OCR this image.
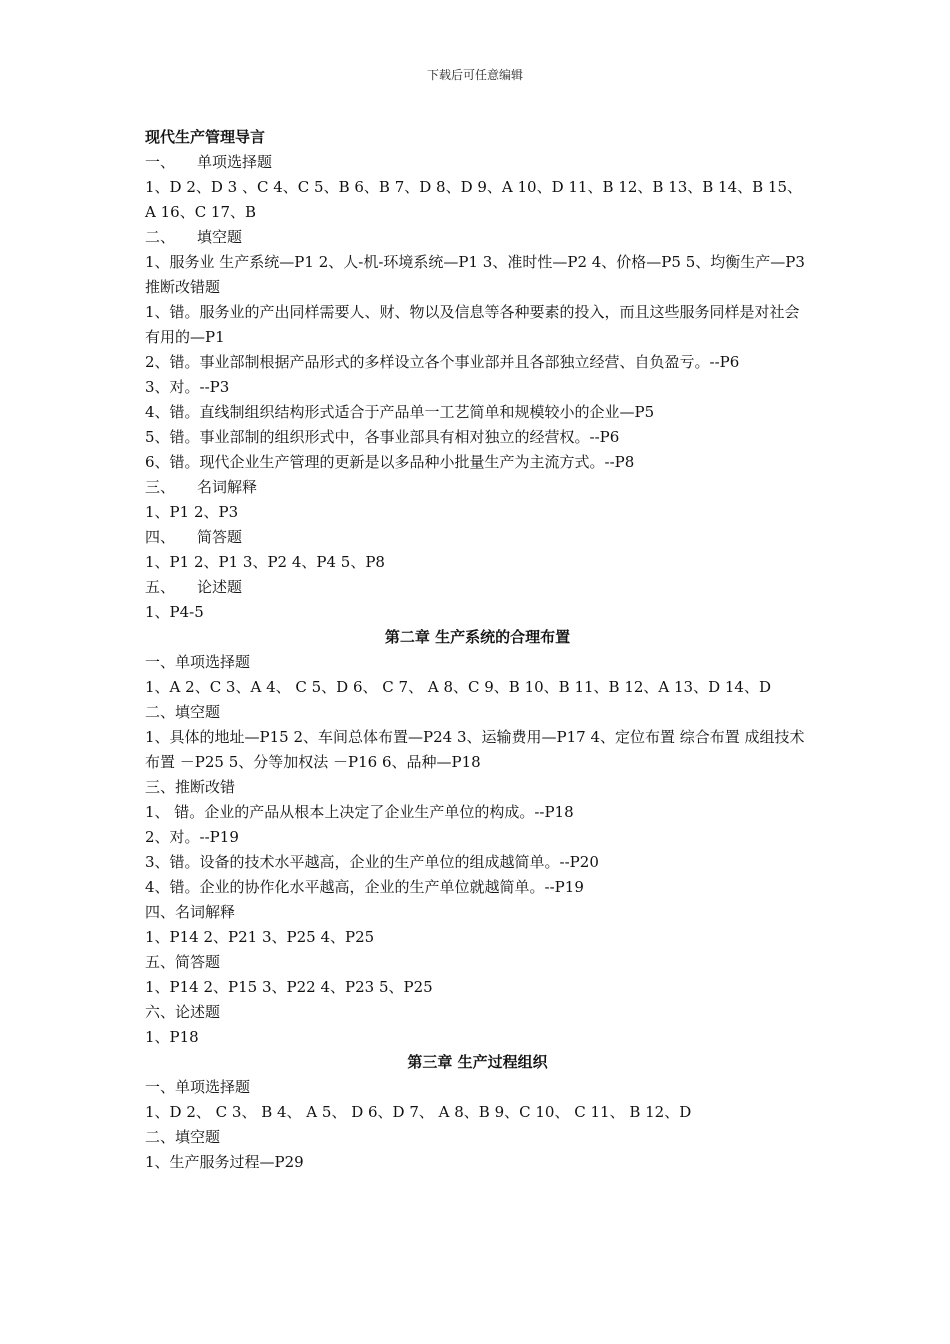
下载后可任意编辑

现代生产管理导言

一、 单项选择题

1、D 2、D 3 、C 4、C 5、B 6、B 7、D 8、D 9、A 10、D 11、B 12、B 13、B 14、B 15、A 16、C 17、B

二、 填空题

1、服务业 生产系统—P1 2、人-机-环境系统—P1 3、准时性—P2 4、价格—P5 5、均衡生产—P3

推断改错题

1、错。服务业的产出同样需要人、财、物以及信息等各种要素的投入，而且这些服务同样是对社会有用的—P1

2、错。事业部制根据产品形式的多样设立各个事业部并且各部独立经营、自负盈亏。--P6

3、对。--P3

4、错。直线制组织结构形式适合于产品单一工艺简单和规模较小的企业—P5

5、错。事业部制的组织形式中，各事业部具有相对独立的经营权。--P6

6、错。现代企业生产管理的更新是以多品种小批量生产为主流方式。--P8

三、 名词解释

1、P1 2、P3

四、 简答题

1、P1 2、P1 3、P2 4、P4 5、P8

五、 论述题

1、P4-5

第二章 生产系统的合理布置

一、单项选择题

1、A 2、C 3、A 4、 C 5、D 6、 C 7、 A 8、C 9、B 10、B 11、B 12、A 13、D 14、D

二、填空题

1、具体的地址—P15 2、车间总体布置—P24 3、运输费用—P17 4、定位布置 综合布置 成组技术布置 －P25 5、分等加权法 －P16 6、品种—P18

三、推断改错

1、 错。企业的产品从根本上决定了企业生产单位的构成。--P18

2、对。--P19

3、错。设备的技术水平越高，企业的生产单位的组成越简单。--P20

4、错。企业的协作化水平越高，企业的生产单位就越简单。--P19

四、名词解释

1、P14 2、P21 3、P25 4、P25

五、简答题

1、P14 2、P15 3、P22 4、P23 5、P25

六、论述题

1、P18

第三章 生产过程组织

一、单项选择题

1、D 2、 C 3、 B 4、 A 5、 D 6、D 7、 A 8、B 9、C 10、 C 11、 B 12、D

二、填空题

1、生产服务过程—P29
